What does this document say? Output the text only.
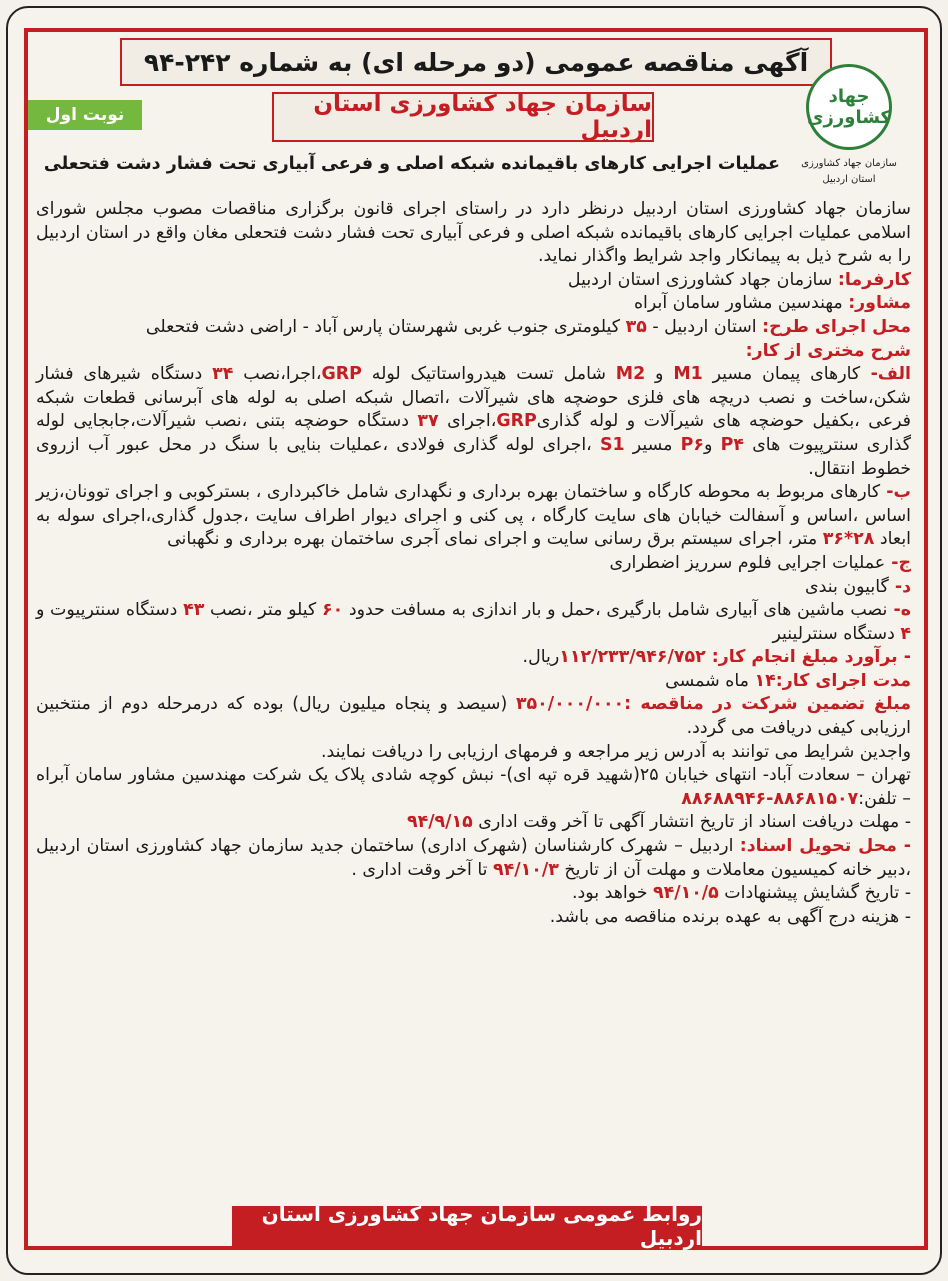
آگهی مناقصه عمومی (دو مرحله ای) به شماره ۲۴۲-۹۴
سازمان جهاد کشاورزی استان اردبیل
نوبت اول
عملیات اجرایی کارهای باقیمانده شبکه اصلی و فرعی آبیاری تحت فشار دشت فتحعلی
جهاد کشاورزی
سازمان جهاد کشاورزی
استان اردبیل

سازمان جهاد کشاورزی استان اردبیل درنظر دارد در راستای اجرای قانون برگزاری مناقصات مصوب مجلس شورای اسلامی عملیات اجرایی کارهای باقیمانده شبکه اصلی و فرعی آبیاری تحت فشار دشت فتحعلی مغان واقع در استان اردبیل را به شرح ذیل به پیمانکار واجد شرایط واگذار نماید.

کارفرما: سازمان جهاد کشاورزی استان اردبیل

مشاور: مهندسین مشاور سامان آبراه

محل اجرای طرح: استان اردبیل - ۳۵ کیلومتری جنوب غربی شهرستان پارس آباد - اراضی دشت فتحعلی

شرح مختری از کار:

الف- کارهای پیمان مسیر M1 و M2 شامل تست هیدرواستاتیک لوله GRP،اجرا،نصب ۳۴ دستگاه شیرهای فشار شکن،ساخت و نصب دریچه های فلزی حوضچه های شیرآلات ،اتصال شبکه اصلی به لوله های آبرسانی قطعات شبکه فرعی ،بکفیل حوضچه های شیرآلات و لوله گذاریGRP،اجرای ۳۷ دستگاه حوضچه بتنی ،نصب شیرآلات،جابجایی لوله گذاری سنترپیوت های P۴ وP۶ مسیر S1 ،اجرای لوله گذاری فولادی ،عملیات بنایی با سنگ در محل عبور آب ازروی خطوط انتقال.

ب- کارهای مربوط به محوطه کارگاه و ساختمان بهره برداری و نگهداری شامل خاکبرداری ، بسترکوبی و اجرای توونان،زیر اساس ،اساس و آسفالت خیابان های سایت کارگاه ، پی کنی و اجرای دیوار اطراف سایت ،جدول گذاری،اجرای سوله به ابعاد ۲۸*۳۶ متر، اجرای سیستم برق رسانی سایت و اجرای نمای آجری ساختمان بهره برداری و نگهبانی

ج- عملیات اجرایی فلوم سرریز اضطراری

د- گابیون بندی

ه- نصب ماشین های آبیاری شامل بارگیری ،حمل و بار اندازی به مسافت حدود ۶۰ کیلو متر ،نصب ۴۳ دستگاه سنترپیوت و ۴ دستگاه سنترلینیر

- برآورد مبلغ انجام کار: ۱۱۲/۲۳۳/۹۴۶/۷۵۲ریال.

مدت اجرای کار:۱۴ ماه شمسی

مبلغ تضمین شرکت در مناقصه :۳۵۰/۰۰۰/۰۰۰ (سیصد و پنجاه میلیون ریال) بوده که درمرحله دوم از منتخبین ارزیابی کیفی دریافت می گردد.

واجدین شرایط می توانند به آدرس زیر مراجعه و فرمهای ارزیابی را دریافت نمایند.

تهران – سعادت آباد- انتهای خیابان ۲۵(شهید قره تپه ای)- نبش کوچه شادی پلاک یک شرکت مهندسین مشاور سامان آبراه – تلفن:۸۸۶۸۱۵۰۷-۸۸۶۸۸۹۴۶

- مهلت دریافت اسناد از تاریخ انتشار آگهی تا آخر وقت اداری ۹۴/۹/۱۵

- محل تحویل اسناد: اردبیل – شهرک کارشناسان (شهرک اداری) ساختمان جدید سازمان جهاد کشاورزی استان اردبیل ،دبیر خانه کمیسیون معاملات و مهلت آن از تاریخ ۹۴/۱۰/۳ تا آخر وقت اداری .

- تاریخ گشایش پیشنهادات ۹۴/۱۰/۵ خواهد بود.

- هزینه درج آگهی به عهده برنده مناقصه می باشد.

روابط عمومی سازمان جهاد کشاورزی استان اردبیل
